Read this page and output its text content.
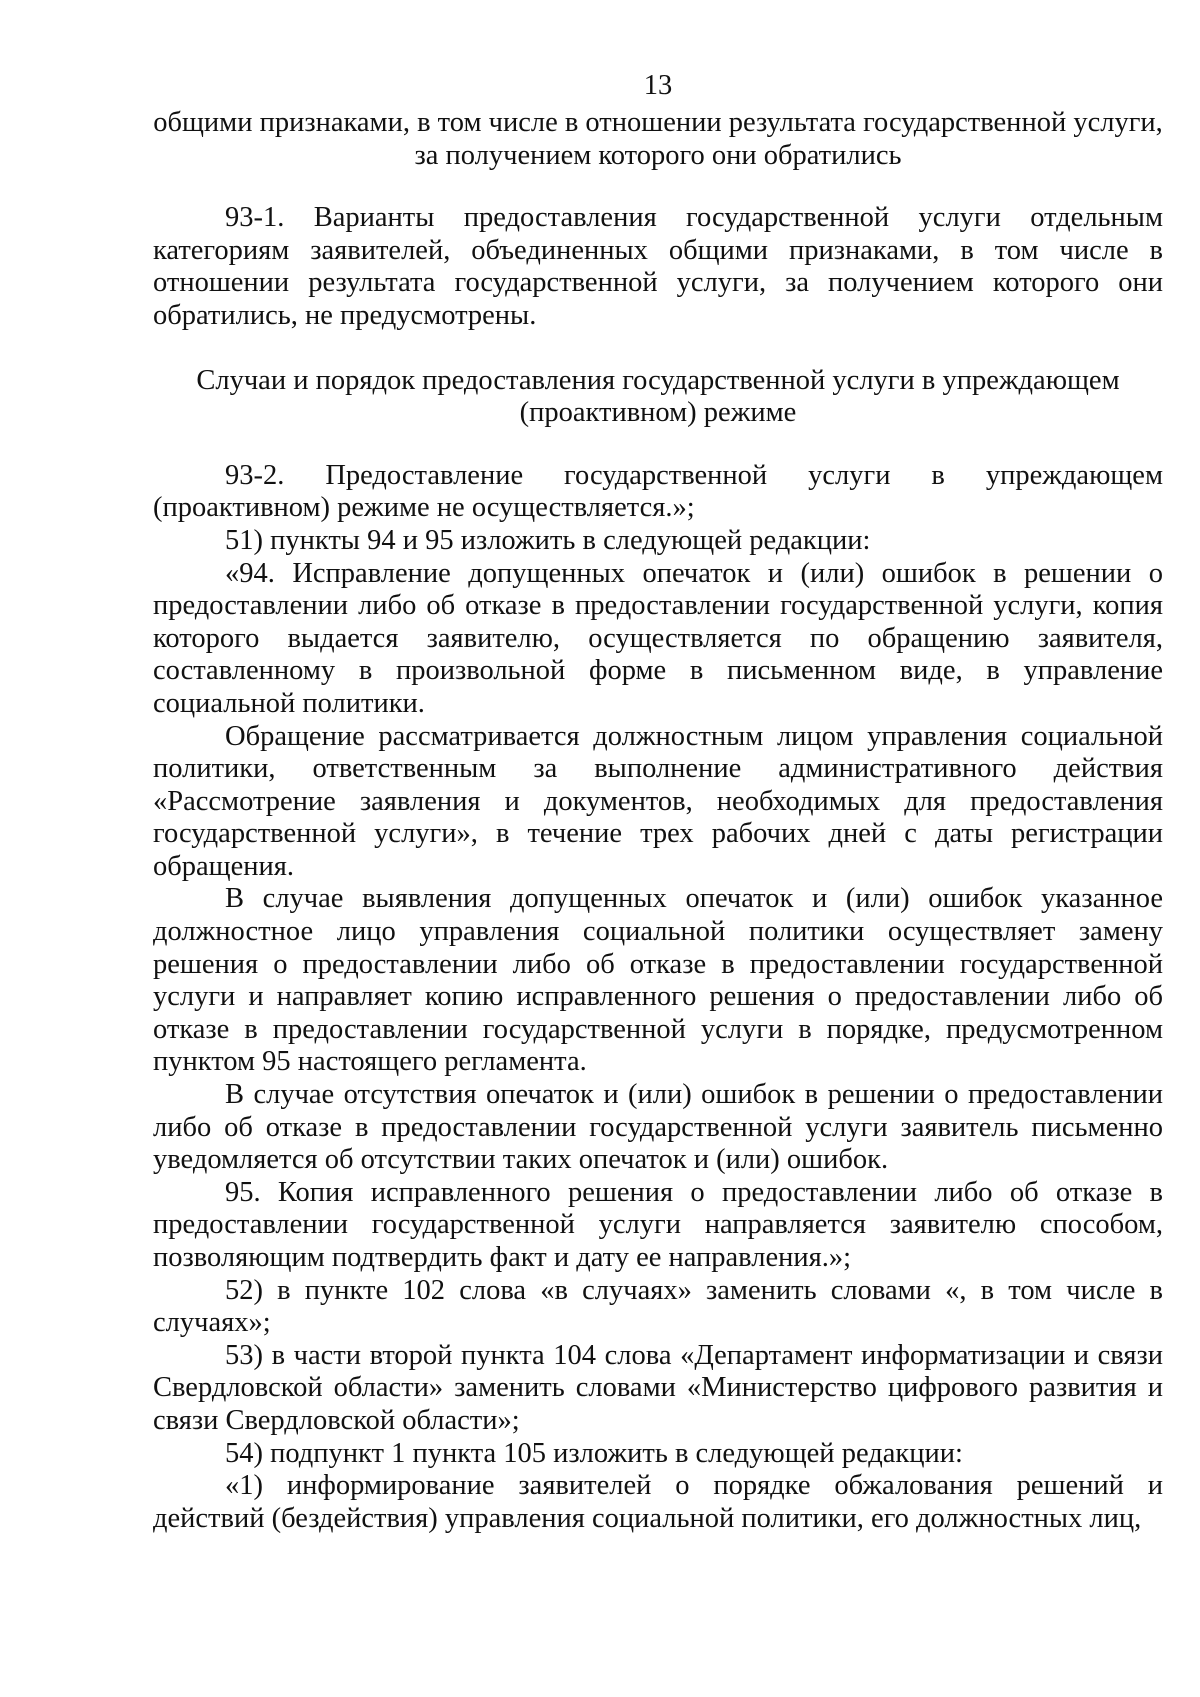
13

общими признаками, в том числе в отношении результата государственной услуги, за получением которого они обратились

93-1. Варианты предоставления государственной услуги отдельным категориям заявителей, объединенных общими признаками, в том числе в отношении результата государственной услуги, за получением которого они обратились, не предусмотрены.

Случаи и порядок предоставления государственной услуги в упреждающем (проактивном) режиме

93-2. Предоставление государственной услуги в упреждающем (проактивном) режиме не осуществляется.»;

51) пункты 94 и 95 изложить в следующей редакции:

«94. Исправление допущенных опечаток и (или) ошибок в решении о предоставлении либо об отказе в предоставлении государственной услуги, копия которого выдается заявителю, осуществляется по обращению заявителя, составленному в произвольной форме в письменном виде, в управление социальной политики.

Обращение рассматривается должностным лицом управления социальной политики, ответственным за выполнение административного действия «Рассмотрение заявления и документов, необходимых для предоставления государственной услуги», в течение трех рабочих дней с даты регистрации обращения.

В случае выявления допущенных опечаток и (или) ошибок указанное должностное лицо управления социальной политики осуществляет замену решения о предоставлении либо об отказе в предоставлении государственной услуги и направляет копию исправленного решения о предоставлении либо об отказе в предоставлении государственной услуги в порядке, предусмотренном пунктом 95 настоящего регламента.

В случае отсутствия опечаток и (или) ошибок в решении о предоставлении либо об отказе в предоставлении государственной услуги заявитель письменно уведомляется об отсутствии таких опечаток и (или) ошибок.

95. Копия исправленного решения о предоставлении либо об отказе в предоставлении государственной услуги направляется заявителю способом, позволяющим подтвердить факт и дату ее направления.»;

52) в пункте 102 слова «в случаях» заменить словами «, в том числе в случаях»;

53) в части второй пункта 104 слова «Департамент информатизации и связи Свердловской области» заменить словами «Министерство цифрового развития и связи Свердловской области»;

54) подпункт 1 пункта 105 изложить в следующей редакции:

«1) информирование заявителей о порядке обжалования решений и действий (бездействия) управления социальной политики, его должностных лиц,
